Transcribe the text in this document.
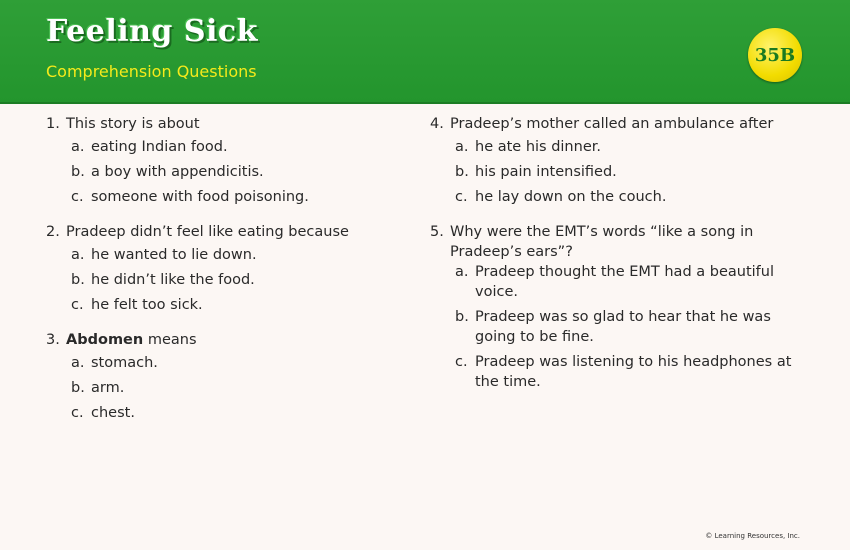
Feeling Sick
Comprehension Questions
35B
1. This story is about
a. eating Indian food.
b. a boy with appendicitis.
c. someone with food poisoning.
2. Pradeep didn’t feel like eating because
a. he wanted to lie down.
b. he didn’t like the food.
c. he felt too sick.
3. Abdomen means
a. stomach.
b. arm.
c. chest.
4. Pradeep’s mother called an ambulance after
a. he ate his dinner.
b. his pain intensified.
c. he lay down on the couch.
5. Why were the EMT’s words “like a song in Pradeep’s ears”?
a. Pradeep thought the EMT had a beautiful voice.
b. Pradeep was so glad to hear that he was going to be fine.
c. Pradeep was listening to his headphones at the time.
© Learning Resources, Inc.
